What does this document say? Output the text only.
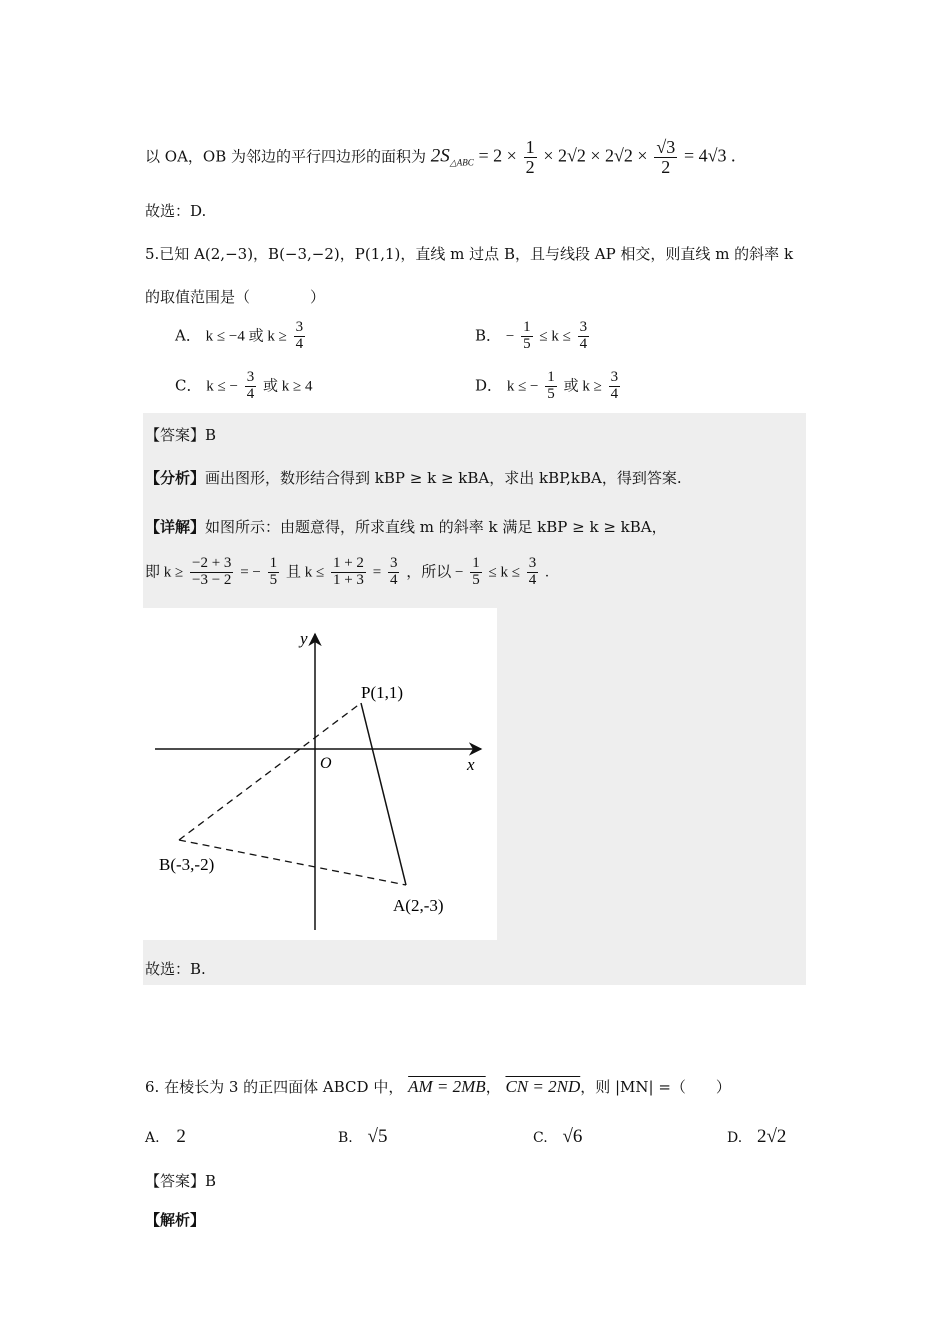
以 OA，OB 为邻边的平行四边形的面积为 $2S_{\triangle ABC} = 2 \times \frac{1}{2} \times 2√2 \times 2√2 \times \frac{√3}{2} = 4√3$ .
故选：D.
5.已知 A(2,−3)，B(−3,−2)，P(1,1)，直线 m 过点 B，且与线段 AP 相交，则直线 m 的斜率 k
的取值范围是（　　　　）
A． k ≤ −4 或 $k \ge \frac{3}{4}$	B． − $\frac{1}{5} \le k \le \frac{3}{4}$
C． k ≤ − $\frac{3}{4}$ 或 k ≥ 4	D． k ≤ − $\frac{1}{5}$ 或 $k \ge \frac{3}{4}$
【答案】B
【分析】画出图形，数形结合得到 kBP ≥ k ≥ kBA，求出 kBP,kBA，得到答案.
【详解】如图所示：由题意得，所求直线 m 的斜率 k 满足 kBP ≥ k ≥ kBA，
即 $k \ge \frac{-2 + 3}{-3 - 2}$ = − $\frac{1}{5}$ 且 $k \le \frac{1 + 2}{1 + 3} = \frac{3}{4}$ ，所以 − $\frac{1}{5} \le k \le \frac{3}{4}$ .
y
x
O
P(1,1)
B(-3,-2)
A(2,-3)
故选：B.
6. 在棱长为 3 的正四面体 ABCD 中， AM = 2MB， CN = 2ND，则 |MN| =（　　）
A. 2	B. √5	C. √6	D. 2√2
【答案】B
【解析】
